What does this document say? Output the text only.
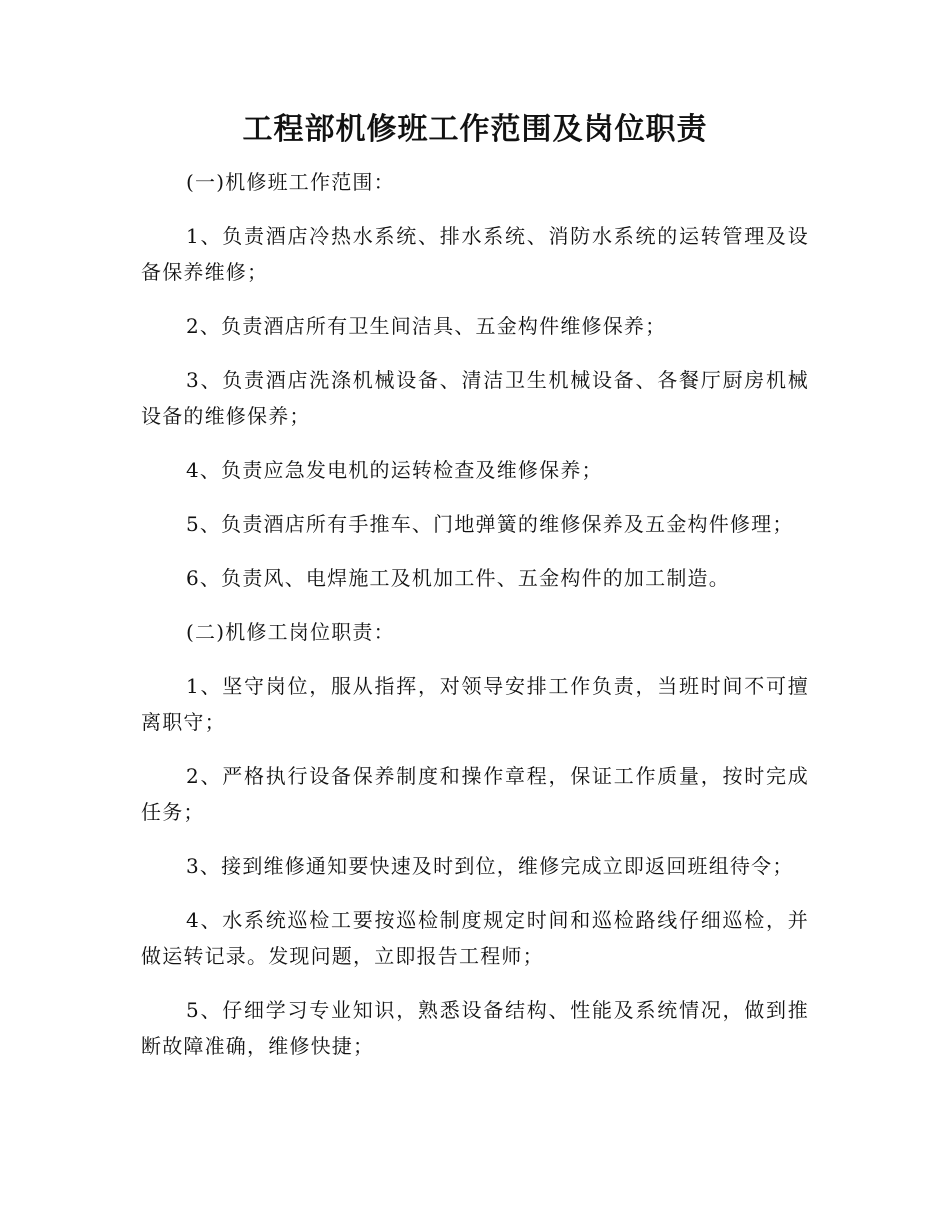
工程部机修班工作范围及岗位职责

(一)机修班工作范围：

1、负责酒店冷热水系统、排水系统、消防水系统的运转管理及设备保养维修；

2、负责酒店所有卫生间洁具、五金构件维修保养；

3、负责酒店洗涤机械设备、清洁卫生机械设备、各餐厅厨房机械设备的维修保养；

4、负责应急发电机的运转检查及维修保养；

5、负责酒店所有手推车、门地弹簧的维修保养及五金构件修理；

6、负责风、电焊施工及机加工件、五金构件的加工制造。

(二)机修工岗位职责：

1、坚守岗位，服从指挥，对领导安排工作负责，当班时间不可擅离职守；

2、严格执行设备保养制度和操作章程，保证工作质量，按时完成任务；

3、接到维修通知要快速及时到位，维修完成立即返回班组待令；

4、水系统巡检工要按巡检制度规定时间和巡检路线仔细巡检，并做运转记录。发现问题，立即报告工程师；

5、仔细学习专业知识，熟悉设备结构、性能及系统情况，做到推断故障准确，维修快捷；
